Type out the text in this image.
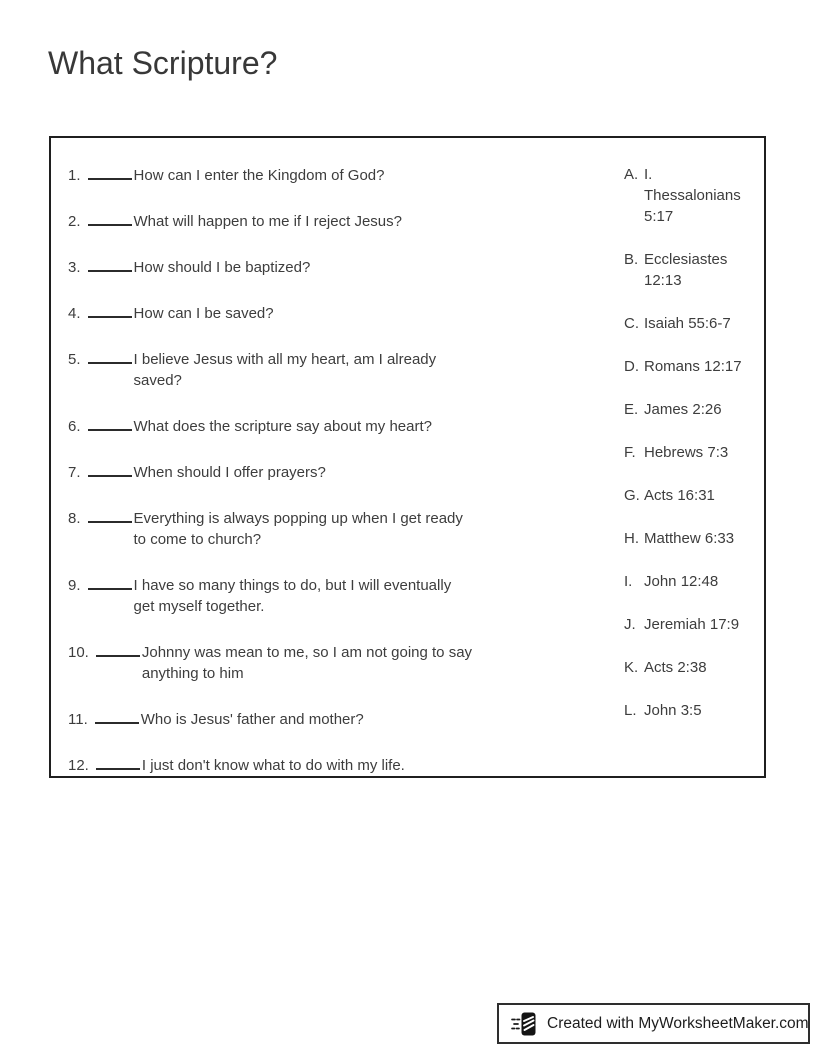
What Scripture?
1.	How can I enter the Kingdom of God?
2.	What will happen to me if I reject Jesus?
3.	How should I be baptized?
4.	How can I be saved?
5.	I believe Jesus with all my heart, am I already saved?
6.	What does the scripture say about my heart?
7.	When should I offer prayers?
8.	Everything is always popping up when I get ready to come to church?
9.	I have so many things to do, but I will eventually get myself together.
10.	Johnny was mean to me, so I am not going to say anything to him
11.	Who is Jesus' father and mother?
12.	I just don't know what to do with my life.
A. I. Thessalonians 5:17
B. Ecclesiastes 12:13
C. Isaiah 55:6-7
D. Romans 12:17
E. James 2:26
F. Hebrews 7:3
G. Acts 16:31
H. Matthew 6:33
I. John 12:48
J. Jeremiah 17:9
K. Acts 2:38
L. John 3:5
Created with MyWorksheetMaker.com
